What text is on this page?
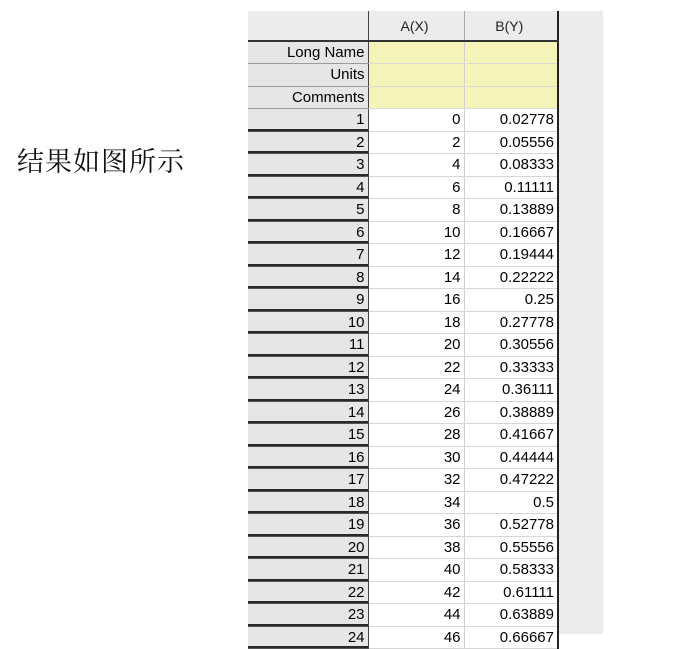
结果如图所示
	A(X)	B(Y)
Long Name		
Units		
Comments		
1	0	0.02778
2	2	0.05556
3	4	0.08333
4	6	0.11111
5	8	0.13889
6	10	0.16667
7	12	0.19444
8	14	0.22222
9	16	0.25
10	18	0.27778
11	20	0.30556
12	22	0.33333
13	24	0.36111
14	26	0.38889
15	28	0.41667
16	30	0.44444
17	32	0.47222
18	34	0.5
19	36	0.52778
20	38	0.55556
21	40	0.58333
22	42	0.61111
23	44	0.63889
24	46	0.66667
